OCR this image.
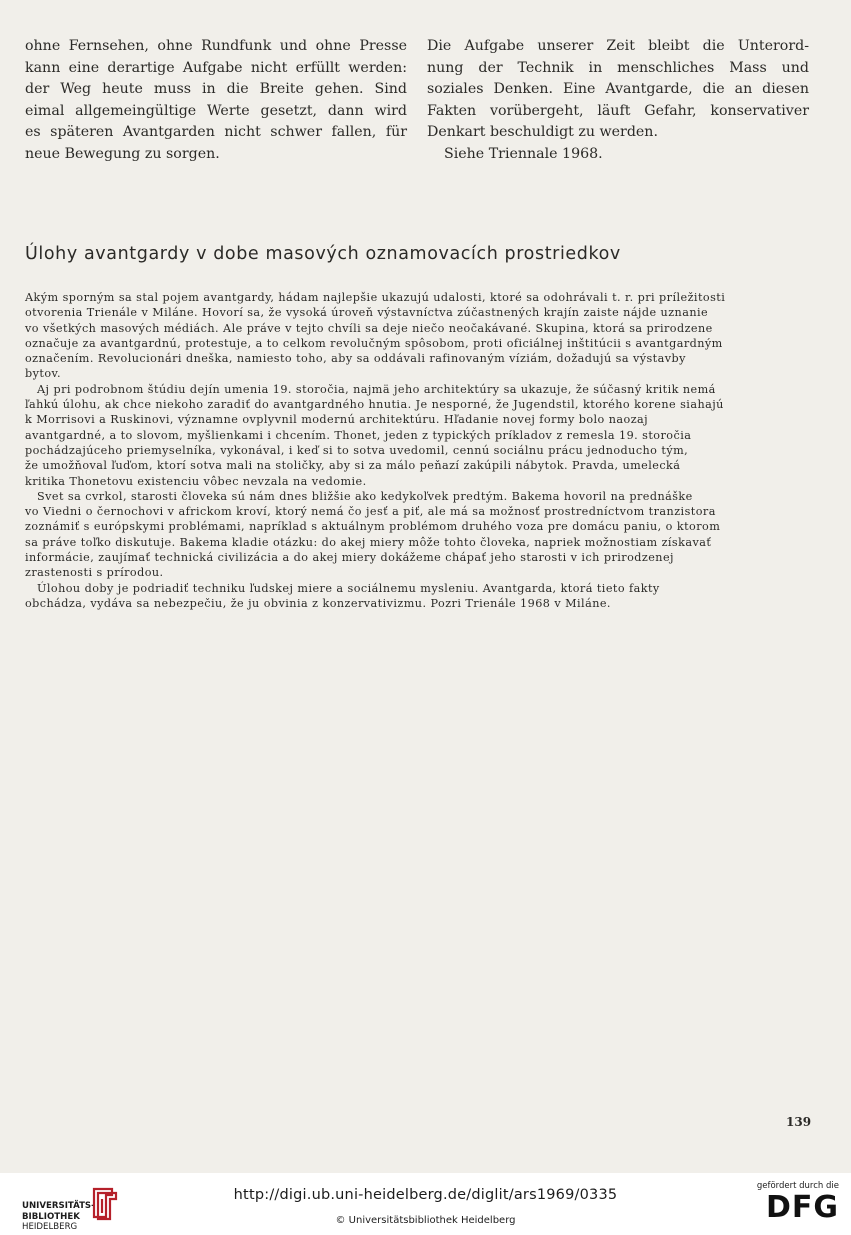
ohne Fernsehen, ohne Rundfunk und ohne Presse
kann eine derartige Aufgabe nicht erfüllt werden:
der Weg heute muss in die Breite gehen. Sind
eimal allgemeingültige Werte gesetzt, dann wird
es späteren Avantgarden nicht schwer fallen, für
neue Bewegung zu sorgen.
Die Aufgabe unserer Zeit bleibt die Unterord-
nung der Technik in menschliches Mass und
soziales Denken. Eine Avantgarde, die an diesen
Fakten vorübergeht, läuft Gefahr, konservativer
Denkart beschuldigt zu werden.
Siehe Triennale 1968.
Úlohy avantgardy v dobe masových oznamovacích prostriedkov
Akým sporným sa stal pojem avantgardy, hádam najlepšie ukazujú udalosti, ktoré sa odohrávali t. r. pri príležitosti
otvorenia Trienále v Miláne. Hovorí sa, že vysoká úroveň výstavníctva zúčastnených krajín zaiste nájde uznanie
vo všetkých masových médiách. Ale práve v tejto chvíli sa deje niečo neočakávané. Skupina, ktorá sa prirodzene
označuje za avantgardnú, protestuje, a to celkom revolučným spôsobom, proti oficiálnej inštitúcii s avantgardným
označením. Revolucionári dneška, namiesto toho, aby sa oddávali rafinovaným víziám, dožadujú sa výstavby
bytov.
Aj pri podrobnom štúdiu dejín umenia 19. storočia, najmä jeho architektúry sa ukazuje, že súčasný kritik nemá
ľahkú úlohu, ak chce niekoho zaradiť do avantgardného hnutia. Je nesporné, že Jugendstil, ktorého korene siahajú
k Morrisovi a Ruskinovi, významne ovplyvnil modernú architektúru. Hľadanie novej formy bolo naozaj
avantgardné, a to slovom, myšlienkami i chcením. Thonet, jeden z typických príkladov z remesla 19. storočia
pochádzajúceho priemyselníka, vykonával, i keď si to sotva uvedomil, cennú sociálnu prácu jednoducho tým,
že umožňoval ľuďom, ktorí sotva mali na stoličky, aby si za málo peňazí zakúpili nábytok. Pravda, umelecká
kritika Thonetovu existenciu vôbec nevzala na vedomie.
Svet sa cvrkol, starosti človeka sú nám dnes bližšie ako kedykoľvek predtým. Bakema hovoril na prednáške
vo Viedni o černochovi v africkom kroví, ktorý nemá čo jesť a piť, ale má sa možnosť prostredníctvom tranzistora
zoznámiť s európskymi problémami, napríklad s aktuálnym problémom druhého voza pre domácu paniu, o ktorom
sa práve toľko diskutuje. Bakema kladie otázku: do akej miery môže tohto človeka, napriek možnostiam získavať
informácie, zaujímať technická civilizácia a do akej miery dokážeme chápať jeho starosti v ich prirodzenej
zrastenosti s prírodou.
Úlohou doby je podriadiť techniku ľudskej miere a sociálnemu mysleniu. Avantgarda, ktorá tieto fakty
obchádza, vydáva sa nebezpečiu, že ju obvinia z konzervativizmu. Pozri Trienále 1968 v Miláne.
139
UNIVERSITÄTS-
BIBLIOTHEK
HEIDELBERG
http://digi.ub.uni-heidelberg.de/diglit/ars1969/0335
© Universitätsbibliothek Heidelberg
gefördert durch die
DFG
